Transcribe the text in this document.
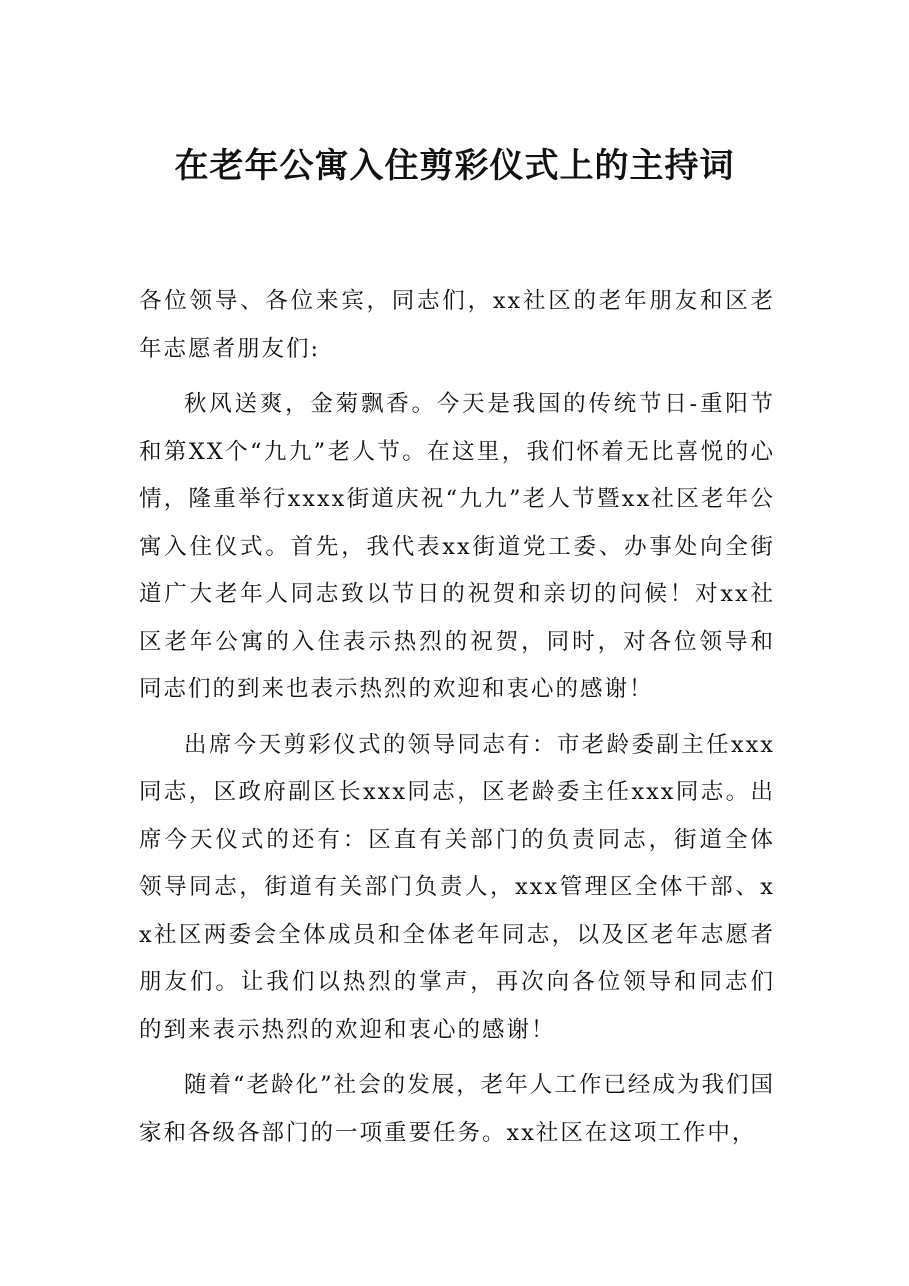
在老年公寓入住剪彩仪式上的主持词

各位领导、各位来宾，同志们，xx社区的老年朋友和区老年志愿者朋友们:

秋风送爽，金菊飘香。今天是我国的传统节日-重阳节和第XX个“九九”老人节。在这里，我们怀着无比喜悦的心情，隆重举行xxxx街道庆祝“九九”老人节暨xx社区老年公寓入住仪式。首先，我代表xx街道党工委、办事处向全街道广大老年人同志致以节日的祝贺和亲切的问候！对xx社区老年公寓的入住表示热烈的祝贺，同时，对各位领导和同志们的到来也表示热烈的欢迎和衷心的感谢！

出席今天剪彩仪式的领导同志有：市老龄委副主任xxx同志，区政府副区长xxx同志，区老龄委主任xxx同志。出席今天仪式的还有：区直有关部门的负责同志，街道全体领导同志，街道有关部门负责人，xxx管理区全体干部、xx社区两委会全体成员和全体老年同志，以及区老年志愿者朋友们。让我们以热烈的掌声，再次向各位领导和同志们的到来表示热烈的欢迎和衷心的感谢！

随着“老龄化”社会的发展，老年人工作已经成为我们国家和各级各部门的一项重要任务。xx社区在这项工作中，
